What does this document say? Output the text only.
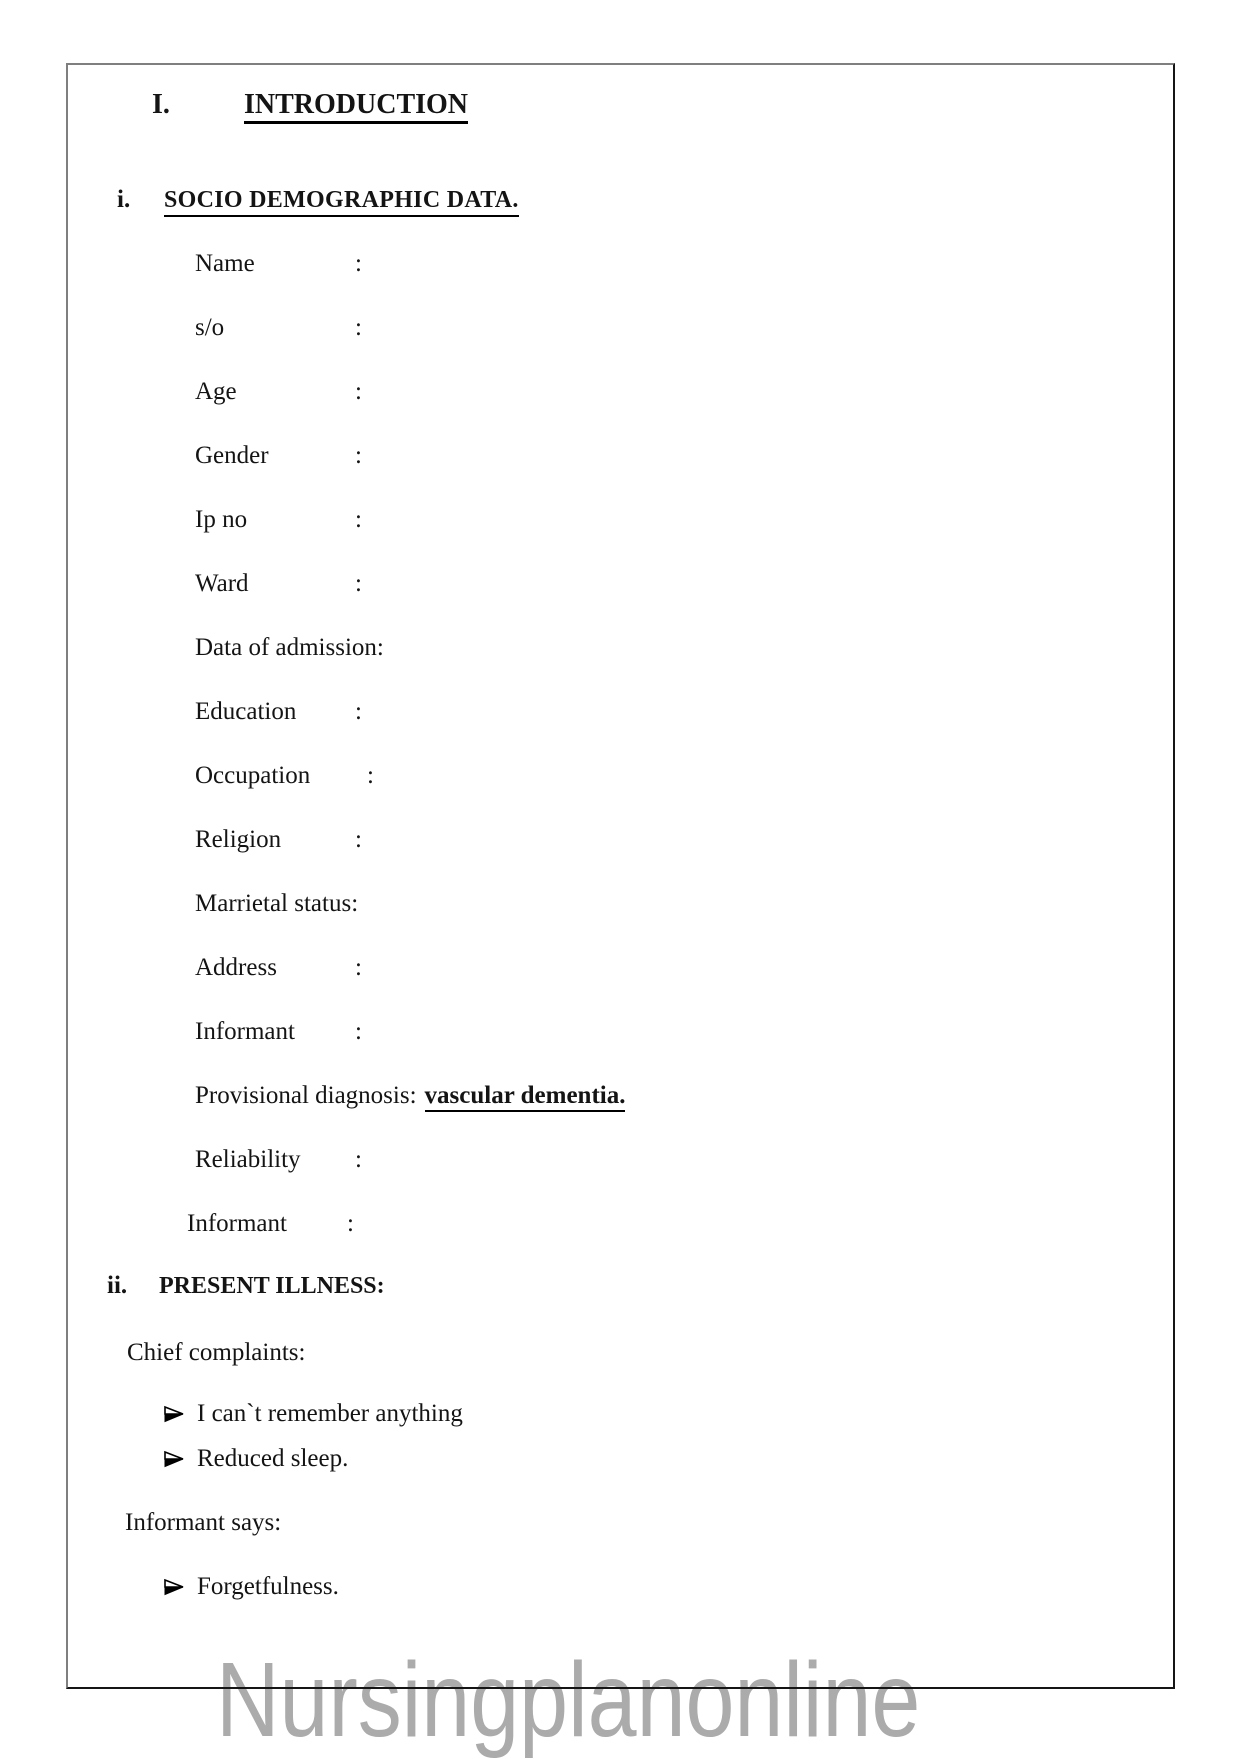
Nursingplanonline
I.	INTRODUCTION
i. SOCIO DEMOGRAPHIC DATA.
Name	:
s/o	:
Age	:
Gender	:
Ip no	:
Ward	:
Data of admission:
Education :
Occupation :
Religion	:
Marrietal status:
Address	:
Informant :
Provisional diagnosis: vascular dementia.
Reliability :
Informant :
ii. PRESENT ILLNESS:
Chief complaints:
I can`t remember anything
Reduced sleep.
Informant says:
Forgetfulness.
